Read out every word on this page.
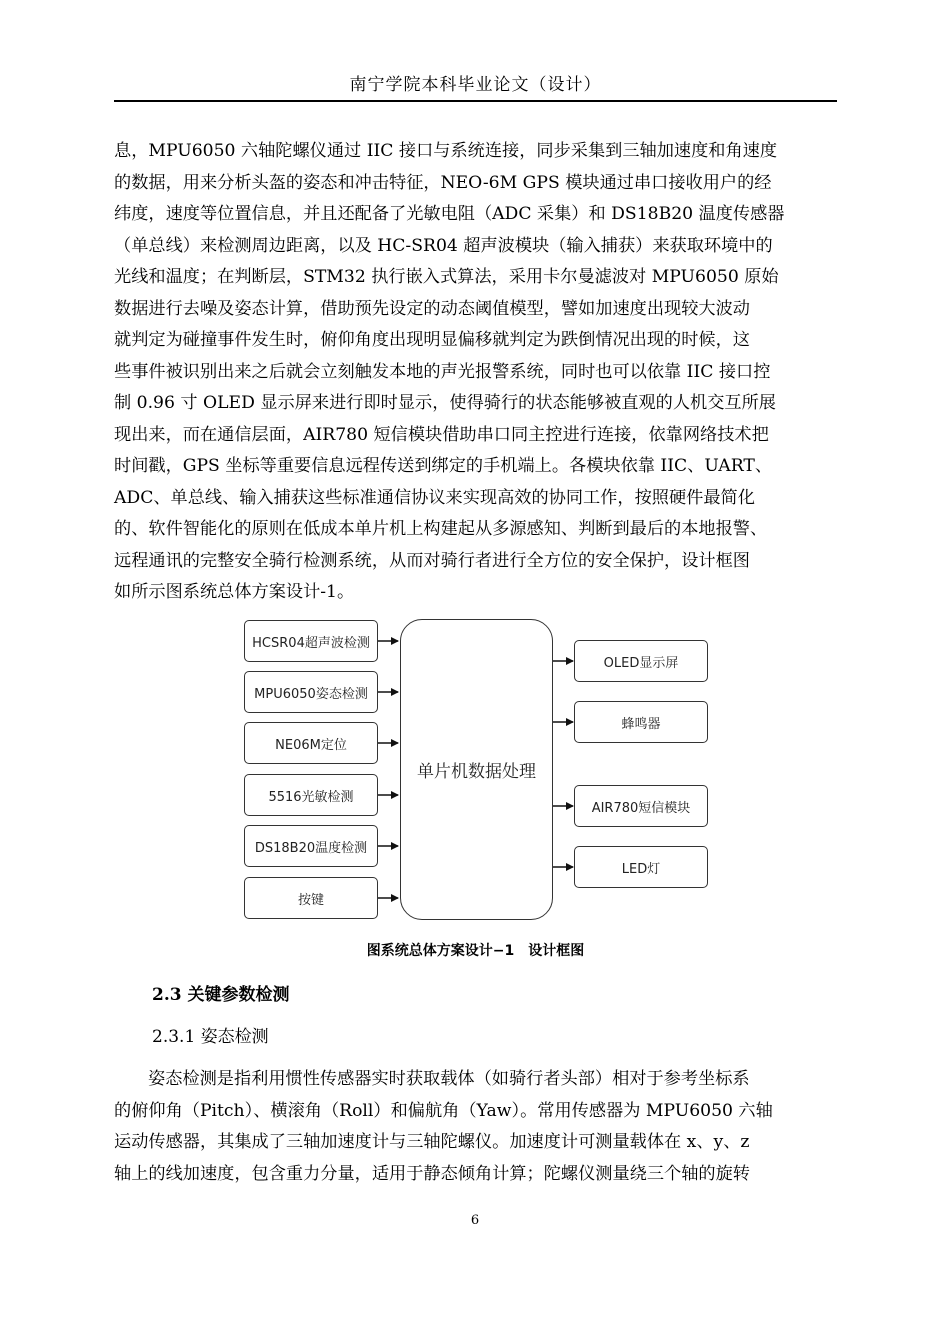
南宁学院本科毕业论文（设计）
息，MPU6050 六轴陀螺仪通过 IIC 接口与系统连接，同步采集到三轴加速度和角速度
的数据，用来分析头盔的姿态和冲击特征，NEO-6M GPS 模块通过串口接收用户的经
纬度，速度等位置信息，并且还配备了光敏电阻（ADC 采集）和 DS18B20 温度传感器
（单总线）来检测周边距离，以及 HC-SR04 超声波模块（输入捕获）来获取环境中的
光线和温度；在判断层，STM32 执行嵌入式算法，采用卡尔曼滤波对 MPU6050 原始
数据进行去噪及姿态计算，借助预先设定的动态阈值模型，譬如加速度出现较大波动
就判定为碰撞事件发生时，俯仰角度出现明显偏移就判定为跌倒情况出现的时候，这
些事件被识别出来之后就会立刻触发本地的声光报警系统，同时也可以依靠 IIC 接口控
制 0.96 寸 OLED 显示屏来进行即时显示，使得骑行的状态能够被直观的人机交互所展
现出来，而在通信层面，AIR780 短信模块借助串口同主控进行连接，依靠网络技术把
时间戳，GPS 坐标等重要信息远程传送到绑定的手机端上。各模块依靠 IIC、UART、
ADC、单总线、输入捕获这些标准通信协议来实现高效的协同工作，按照硬件最简化
的、软件智能化的原则在低成本单片机上构建起从多源感知、判断到最后的本地报警、
远程通讯的完整安全骑行检测系统，从而对骑行者进行全方位的安全保护，设计框图
如所示图系统总体方案设计-1。
HCSR04超声波检测
MPU6050姿态检测
NE06M定位
5516光敏检测
DS18B20温度检测
按键
单片机数据处理
OLED显示屏
蜂鸣器
AIR780短信模块
LED灯
图系统总体方案设计−1　设计框图
2.3 关键参数检测
2.3.1 姿态检测
姿态检测是指利用惯性传感器实时获取载体（如骑行者头部）相对于参考坐标系
的俯仰角（Pitch）、横滚角（Roll）和偏航角（Yaw）。常用传感器为 MPU6050 六轴
运动传感器，其集成了三轴加速度计与三轴陀螺仪。加速度计可测量载体在 x、y、z
轴上的线加速度，包含重力分量，适用于静态倾角计算；陀螺仪测量绕三个轴的旋转
6
